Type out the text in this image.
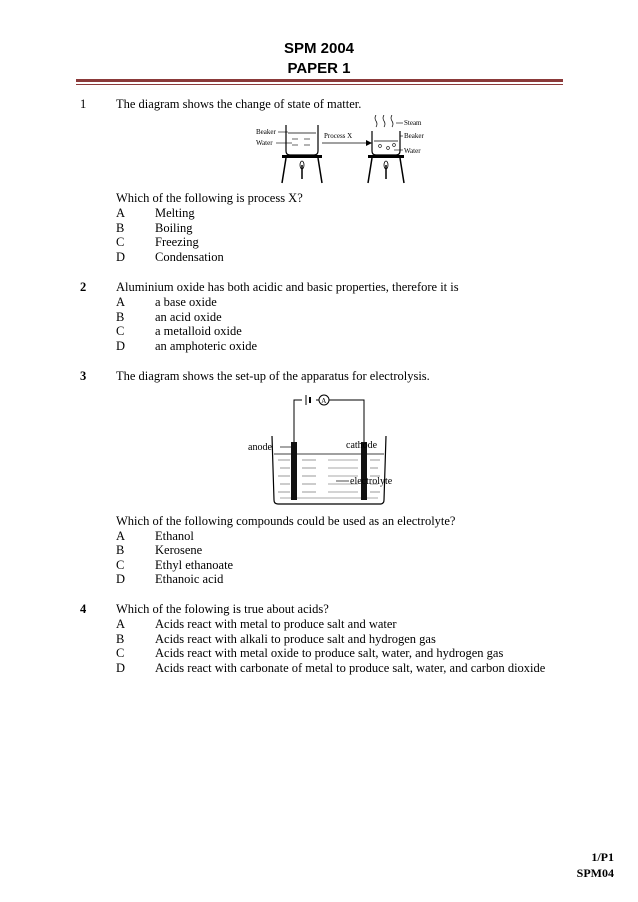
SPM 2004
PAPER 1
1 The diagram shows the change of state of matter.
Beaker
Water
Process X
Steam
Beaker
Water
Which of the following is process X?
A Melting
B Boiling
C Freezing
D Condensation
2 Aluminium oxide has both acidic and basic properties, therefore it is
A a base oxide
B an acid oxide
C a metalloid oxide
D an amphoteric oxide
3 The diagram shows the set-up of the apparatus for electrolysis.
A
anode	cathode
electrolyte
Which of the following compounds could be used as an electrolyte?
A Ethanol
B Kerosene
C Ethyl ethanoate
D Ethanoic acid
4 Which of the folowing is true about acids?
A Acids react with metal to produce salt and water
B Acids react with alkali to produce salt and hydrogen gas
C Acids react with metal oxide to produce salt, water, and hydrogen gas
D Acids react with carbonate of metal to produce salt, water, and carbon dioxide
1/P1
SPM04
